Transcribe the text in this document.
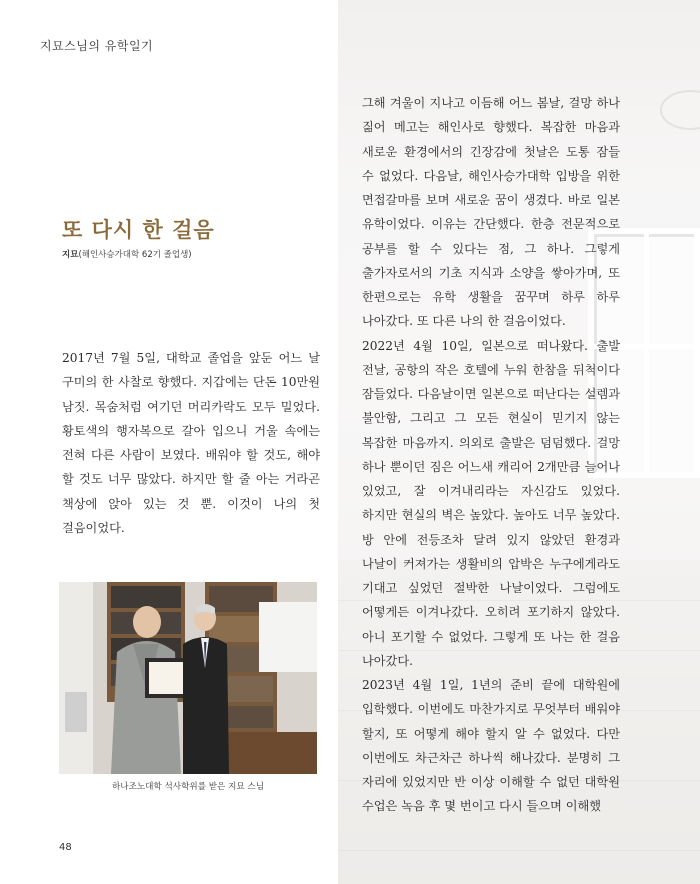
지묘스님의 유학일기
또 다시 한 걸음
지묘(해인사승가대학 62기 졸업생)
2017년 7월 5일, 대학교 졸업을 앞둔 어느 날 구미의 한 사찰로 향했다. 지갑에는 단돈 10만원 남짓. 목숨처럼 여기던 머리카락도 모두 밀었다. 황토색의 행자복으로 갈아 입으니 거울 속에는 전혀 다른 사람이 보였다. 배워야 할 것도, 해야 할 것도 너무 많았다. 하지만 할 줄 아는 거라곤 책상에 앉아 있는 것 뿐. 이것이 나의 첫 걸음이었다.
하나조노대학 석사학위를 받은 지묘 스님

그해 겨울이 지나고 이듬해 어느 봄날, 걸망 하나 짊어 메고는 해인사로 향했다. 복잡한 마음과 새로운 환경에서의 긴장감에 첫날은 도통 잠들 수 없었다. 다음날, 해인사승가대학 입방을 위한 면접갈마를 보며 새로운 꿈이 생겼다. 바로 일본 유학이었다. 이유는 간단했다. 한층 전문적으로 공부를 할 수 있다는 점, 그 하나. 그렇게 출가자로서의 기초 지식과 소양을 쌓아가며, 또 한편으로는 유학 생활을 꿈꾸며 하루 하루 나아갔다. 또 다른 나의 한 걸음이었다.

2022년 4월 10일, 일본으로 떠나왔다. 출발 전날, 공항의 작은 호텔에 누워 한참을 뒤척이다 잠들었다. 다음날이면 일본으로 떠난다는 설렘과 불안함, 그리고 그 모든 현실이 믿기지 않는 복잡한 마음까지. 의외로 출발은 덤덤했다. 걸망 하나 뿐이던 짐은 어느새 캐리어 2개만큼 늘어나 있었고, 잘 이겨내리라는 자신감도 있었다. 하지만 현실의 벽은 높았다. 높아도 너무 높았다. 방 안에 전등조차 달려 있지 않았던 환경과 나날이 커져가는 생활비의 압박은 누구에게라도 기대고 싶었던 절박한 나날이었다. 그럼에도 어떻게든 이겨나갔다. 오히려 포기하지 않았다. 아니 포기할 수 없었다. 그렇게 또 나는 한 걸음 나아갔다.

2023년 4월 1일, 1년의 준비 끝에 대학원에 입학했다. 이번에도 마찬가지로 무엇부터 배워야 할지, 또 어떻게 해야 할지 알 수 없었다. 다만 이번에도 차근차근 하나씩 해나갔다. 분명히 그 자리에 있었지만 반 이상 이해할 수 없던 대학원 수업은 녹음 후 몇 번이고 다시 들으며 이해했

48
